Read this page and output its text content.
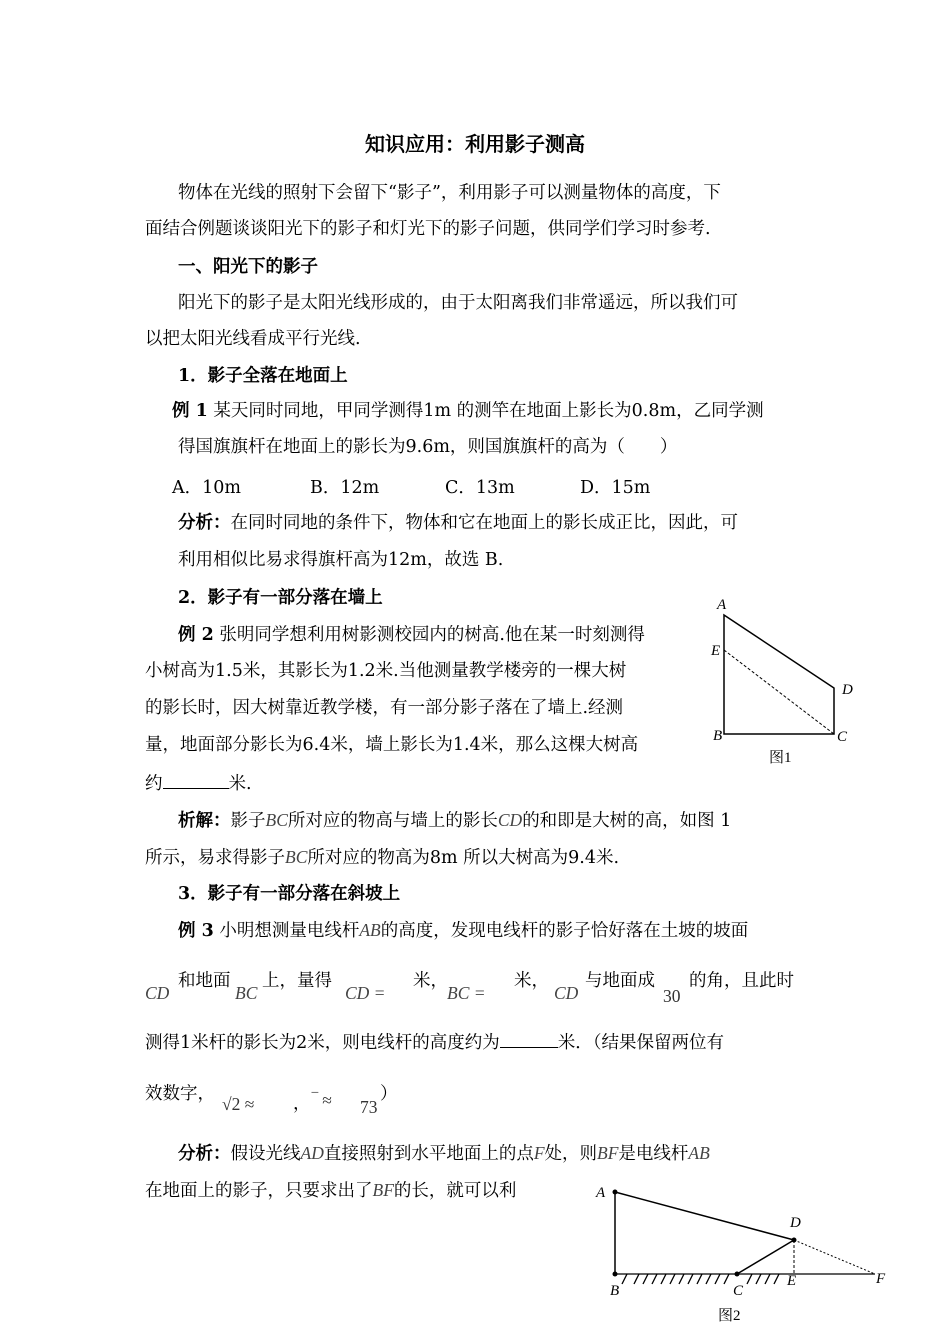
知识应用：利用影子测高
物体在光线的照射下会留下“影子”，利用影子可以测量物体的高度，下
面结合例题谈谈阳光下的影子和灯光下的影子问题，供同学们学习时参考.
一、阳光下的影子
阳光下的影子是太阳光线形成的，由于太阳离我们非常遥远，所以我们可
以把太阳光线看成平行光线.
1．影子全落在地面上
例 1 某天同时同地，甲同学测得1m 的测竿在地面上影长为0.8m，乙同学测
得国旗旗杆在地面上的影长为9.6m，则国旗旗杆的高为（　　）
A．10m	B．12m	C．13m	D．15m
分析：在同时同地的条件下，物体和它在地面上的影长成正比，因此，可
利用相似比易求得旗杆高为12m，故选 B.
2．影子有一部分落在墙上
例 2 张明同学想利用树影测校园内的树高.他在某一时刻测得
小树高为1.5米，其影长为1.2米.当他测量教学楼旁的一棵大树
的影长时，因大树靠近教学楼，有一部分影子落在了墙上.经测
量，地面部分影长为6.4米，墙上影长为1.4米，那么这棵大树高
约	米.
A
E
D
B	C
图1
析解：影子BC所对应的物高与墙上的影长CD的和即是大树的高，如图 1
所示，易求得影子BC所对应的物高为8m 所以大树高为9.4米.
3．影子有一部分落在斜坡上
例 3 小明想测量电线杆AB的高度，发现电线杆的影子恰好落在土坡的坡面
CD
和地面
BC
上，量得
CD =
米，
BC =
米，
CD
与地面成
30
的角，且此时
测得1米杆的影长为2米，则电线杆的高度约为	米．（结果保留两位有
效数字， √2 ≈ ， ‾ ≈ 73
）
分析：假设光线AD直接照射到水平地面上的点F处，则BF是电线杆AB
在地面上的影子，只要求出了BF的长，就可以利	A
D
B	C
E	F
图2
